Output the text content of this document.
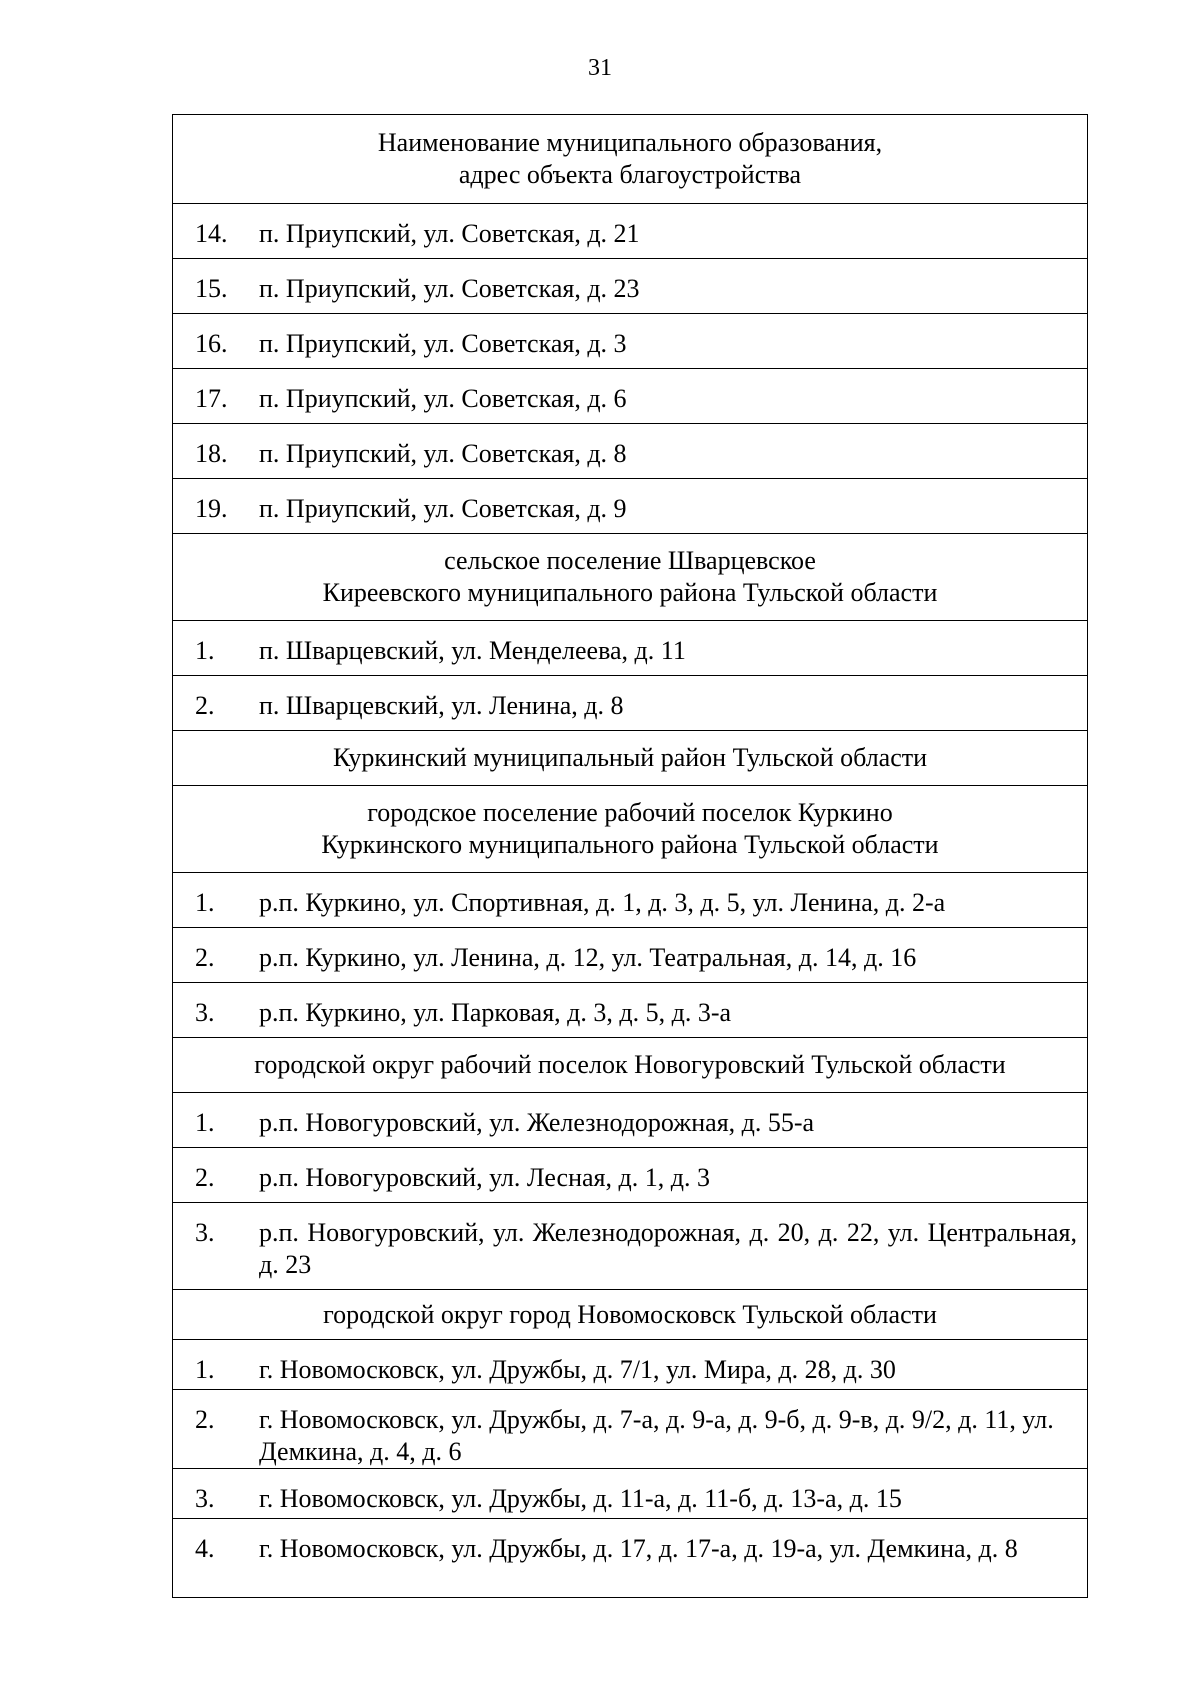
31
Наименование муниципального образования,
адрес объекта благоустройства

14.	п. Приупский, ул. Советская, д. 21

15.	п. Приупский, ул. Советская, д. 23

16.	п. Приупский, ул. Советская, д. 3

17.	п. Приупский, ул. Советская, д. 6

18.	п. Приупский, ул. Советская, д. 8

19.	п. Приупский, ул. Советская, д. 9

сельское поселение Шварцевское
Киреевского муниципального района Тульской области

1.	п. Шварцевский, ул. Менделеева, д. 11

2.	п. Шварцевский, ул. Ленина, д. 8

Куркинский муниципальный район Тульской области

городское поселение рабочий поселок Куркино
Куркинского муниципального района Тульской области

1.	р.п. Куркино, ул. Спортивная, д. 1, д. 3, д. 5, ул. Ленина, д. 2-а

2.	р.п. Куркино, ул. Ленина, д. 12, ул. Театральная, д. 14, д. 16

3.	р.п. Куркино, ул. Парковая, д. 3, д. 5, д. 3-а

городской округ рабочий поселок Новогуровский Тульской области

1.	р.п. Новогуровский, ул. Железнодорожная, д. 55-а

2.	р.п. Новогуровский, ул. Лесная, д. 1, д. 3

3.	р.п. Новогуровский, ул. Железнодорожная, д. 20, д. 22, ул. Центральная, д. 23

городской округ город Новомосковск Тульской области

1.	г. Новомосковск, ул. Дружбы, д. 7/1, ул. Мира, д. 28, д. 30

2.	г. Новомосковск, ул. Дружбы, д. 7-а, д. 9-а, д. 9-б, д. 9-в, д. 9/2, д. 11, ул. Демкина, д. 4, д. 6

3.	г. Новомосковск, ул. Дружбы, д. 11-а, д. 11-б, д. 13-а, д. 15

4.	г. Новомосковск, ул. Дружбы, д. 17, д. 17-а, д. 19-а, ул. Демкина, д. 8
